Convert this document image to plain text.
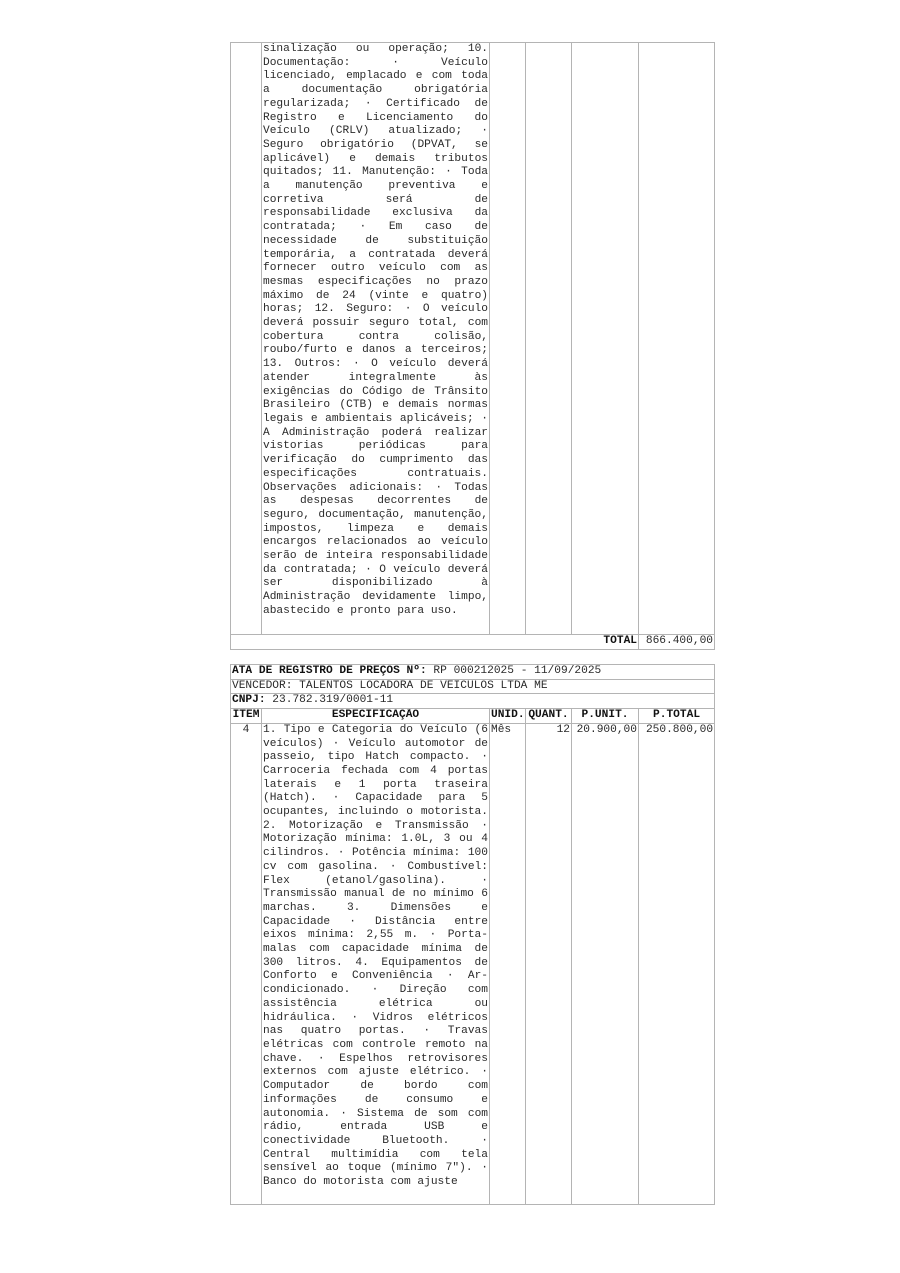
	sinalização ou operação; 10. Documentação: · Veículo licenciado, emplacado e com toda a documentação obrigatória regularizada; · Certificado de Registro e Licenciamento do Veículo (CRLV) atualizado; · Seguro obrigatório (DPVAT, se aplicável) e demais tributos quitados; 11. Manutenção: · Toda a manutenção preventiva e corretiva será de responsabilidade exclusiva da contratada; · Em caso de necessidade de substituição temporária, a contratada deverá fornecer outro veículo com as mesmas especificações no prazo máximo de 24 (vinte e quatro) horas; 12. Seguro: · O veículo deverá possuir seguro total, com cobertura contra colisão, roubo/furto e danos a terceiros; 13. Outros: · O veículo deverá atender integralmente às exigências do Código de Trânsito Brasileiro (CTB) e demais normas legais e ambientais aplicáveis; · A Administração poderá realizar vistorias periódicas para verificação do cumprimento das especificações contratuais. Observações adicionais: · Todas as despesas decorrentes de seguro, documentação, manutenção, impostos, limpeza e demais encargos relacionados ao veículo serão de inteira responsabilidade da contratada; · O veículo deverá ser disponibilizado à Administração devidamente limpo, abastecido e pronto para uso.				
TOTAL					866.400,00
ATA DE REGISTRO DE PREÇOS Nº: RP 000212025 - 11/09/2025					
VENCEDOR: TALENTOS LOCADORA DE VEICULOS LTDA ME					
CNPJ: 23.782.319/0001-11					
ITEM	ESPECIFICAÇÃO	UNID.	QUANT.	P.UNIT.	P.TOTAL
4	1. Tipo e Categoria do Veículo (6 veículos) · Veículo automotor de passeio, tipo Hatch compacto. · Carroceria fechada com 4 portas laterais e 1 porta traseira (Hatch). · Capacidade para 5 ocupantes, incluindo o motorista. 2. Motorização e Transmissão · Motorização mínima: 1.0L, 3 ou 4 cilindros. · Potência mínima: 100 cv com gasolina. · Combustível: Flex (etanol/gasolina). · Transmissão manual de no mínimo 6 marchas. 3. Dimensões e Capacidade · Distância entre eixos mínima: 2,55 m. · Porta-malas com capacidade mínima de 300 litros. 4. Equipamentos de Conforto e Conveniência · Ar-condicionado. · Direção com assistência elétrica ou hidráulica. · Vidros elétricos nas quatro portas. · Travas elétricas com controle remoto na chave. · Espelhos retrovisores externos com ajuste elétrico. · Computador de bordo com informações de consumo e autonomia. · Sistema de som com rádio, entrada USB e conectividade Bluetooth. · Central multimídia com tela sensível ao toque (mínimo 7"). · Banco do motorista com ajuste	Mês	12	20.900,00	250.800,00
